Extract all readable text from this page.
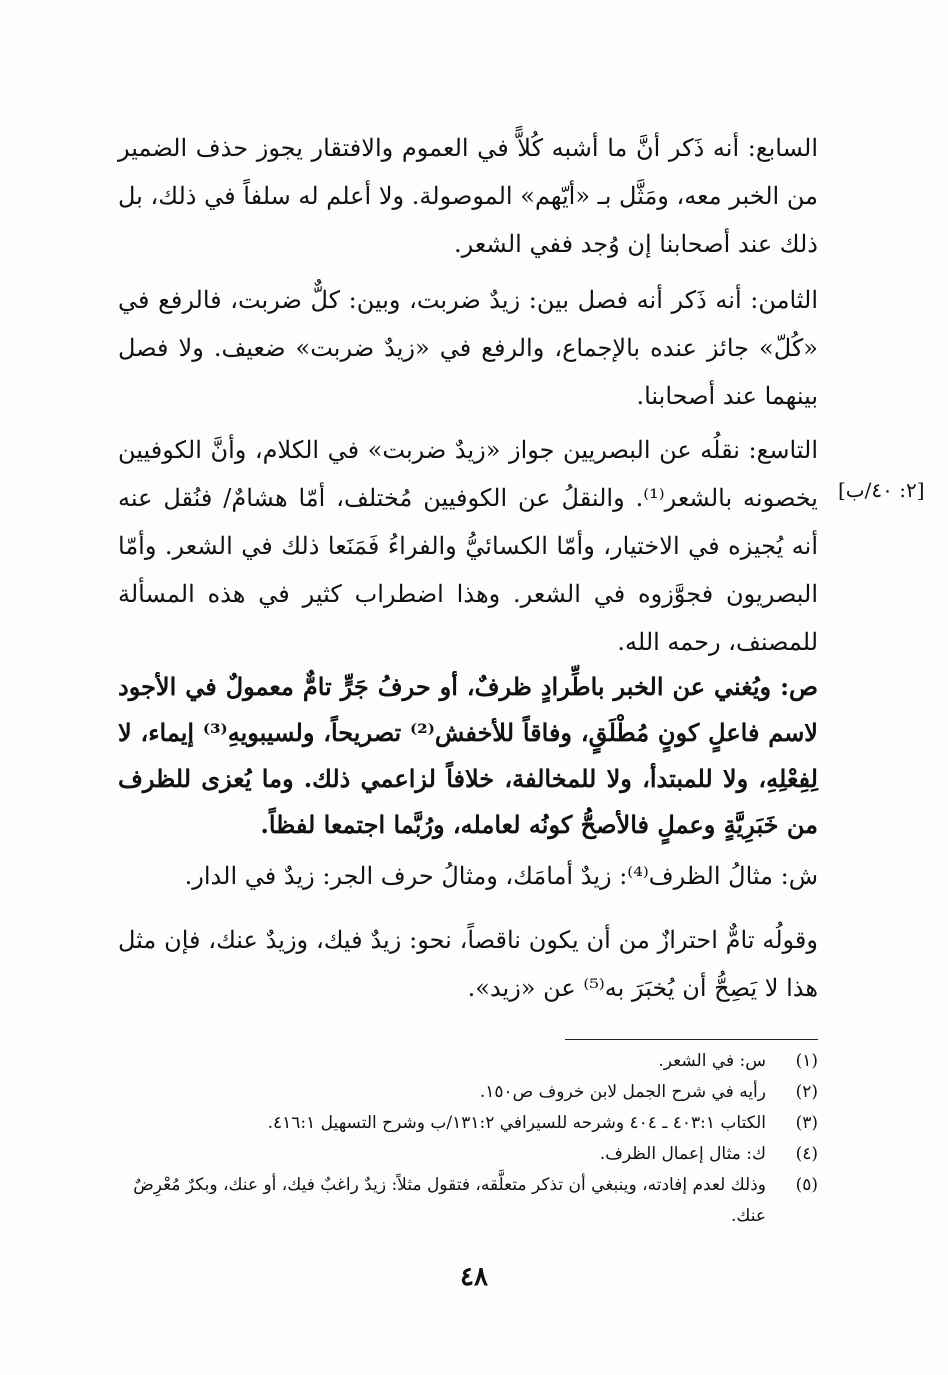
السابع: أنه ذَكر أنَّ ما أشبه كُلاًّ في العموم والافتقار يجوز حذف الضمير من الخبر معه، ومَثَّل بـ «أيّهم» الموصولة. ولا أعلم له سلفاً في ذلك، بل ذلك عند أصحابنا إن وُجد ففي الشعر.

الثامن: أنه ذَكر أنه فصل بين: زيدٌ ضربت، وبين: كلٌّ ضربت، فالرفع في «كُلّ» جائز عنده بالإجماع، والرفع في «زيدٌ ضربت» ضعيف. ولا فصل بينهما عند أصحابنا.

التاسع: نقلُه عن البصريين جواز «زيدٌ ضربت» في الكلام، وأنَّ الكوفيين يخصونه بالشعر⁽¹⁾. والنقلُ عن الكوفيين مُختلف، أمّا هشامٌ/ فنُقل عنه أنه يُجيزه في الاختيار، وأمّا الكسائيُّ والفراءُ فَمَنَعا ذلك في الشعر. وأمّا البصريون فجوَّزوه في الشعر. وهذا اضطراب كثير في هذه المسألة للمصنف، رحمه الله.

[٢: ٤٠/ب]

ص: ويُغني عن الخبر باطِّرادٍ ظرفٌ، أو حرفُ جَرٍّ تامٌّ معمولٌ في الأجود لاسم فاعلٍ كونٍ مُطْلَقٍ، وفاقاً للأخفش⁽²⁾ تصريحاً، ولسيبويهِ⁽³⁾ إيماء، لا لِفِعْلِهِ، ولا للمبتدأ، ولا للمخالفة، خلافاً لزاعمي ذلك. وما يُعزى للظرف من خَبَرِيَّةٍ وعملٍ فالأصحُّ كونُه لعامله، ورُبَّما اجتمعا لفظاً.

ش: مثالُ الظرف⁽⁴⁾: زيدٌ أمامَك، ومثالُ حرف الجر: زيدٌ في الدار.

وقولُه تامٌّ احترازٌ من أن يكون ناقصاً، نحو: زيدٌ فيك، وزيدٌ عنك، فإن مثل هذا لا يَصِحُّ أن يُخبَرَ به⁽⁵⁾ عن «زيد».

(١)
س: في الشعر.
(٢)
رأيه في شرح الجمل لابن خروف ص١٥٠.
(٣)
الكتاب ٤٠٣:١ ـ ٤٠٤ وشرحه للسيرافي ١٣١:٢/ب وشرح التسهيل ٤١٦:١.
(٤)
ك: مثال إعمال الظرف.
(٥)
وذلك لعدم إفادته، وينبغي أن تذكر متعلَّقه، فتقول مثلاً: زيدٌ راغبٌ فيك، أو عنك، وبكرٌ مُعْرِضٌ عنك.
٤٨
